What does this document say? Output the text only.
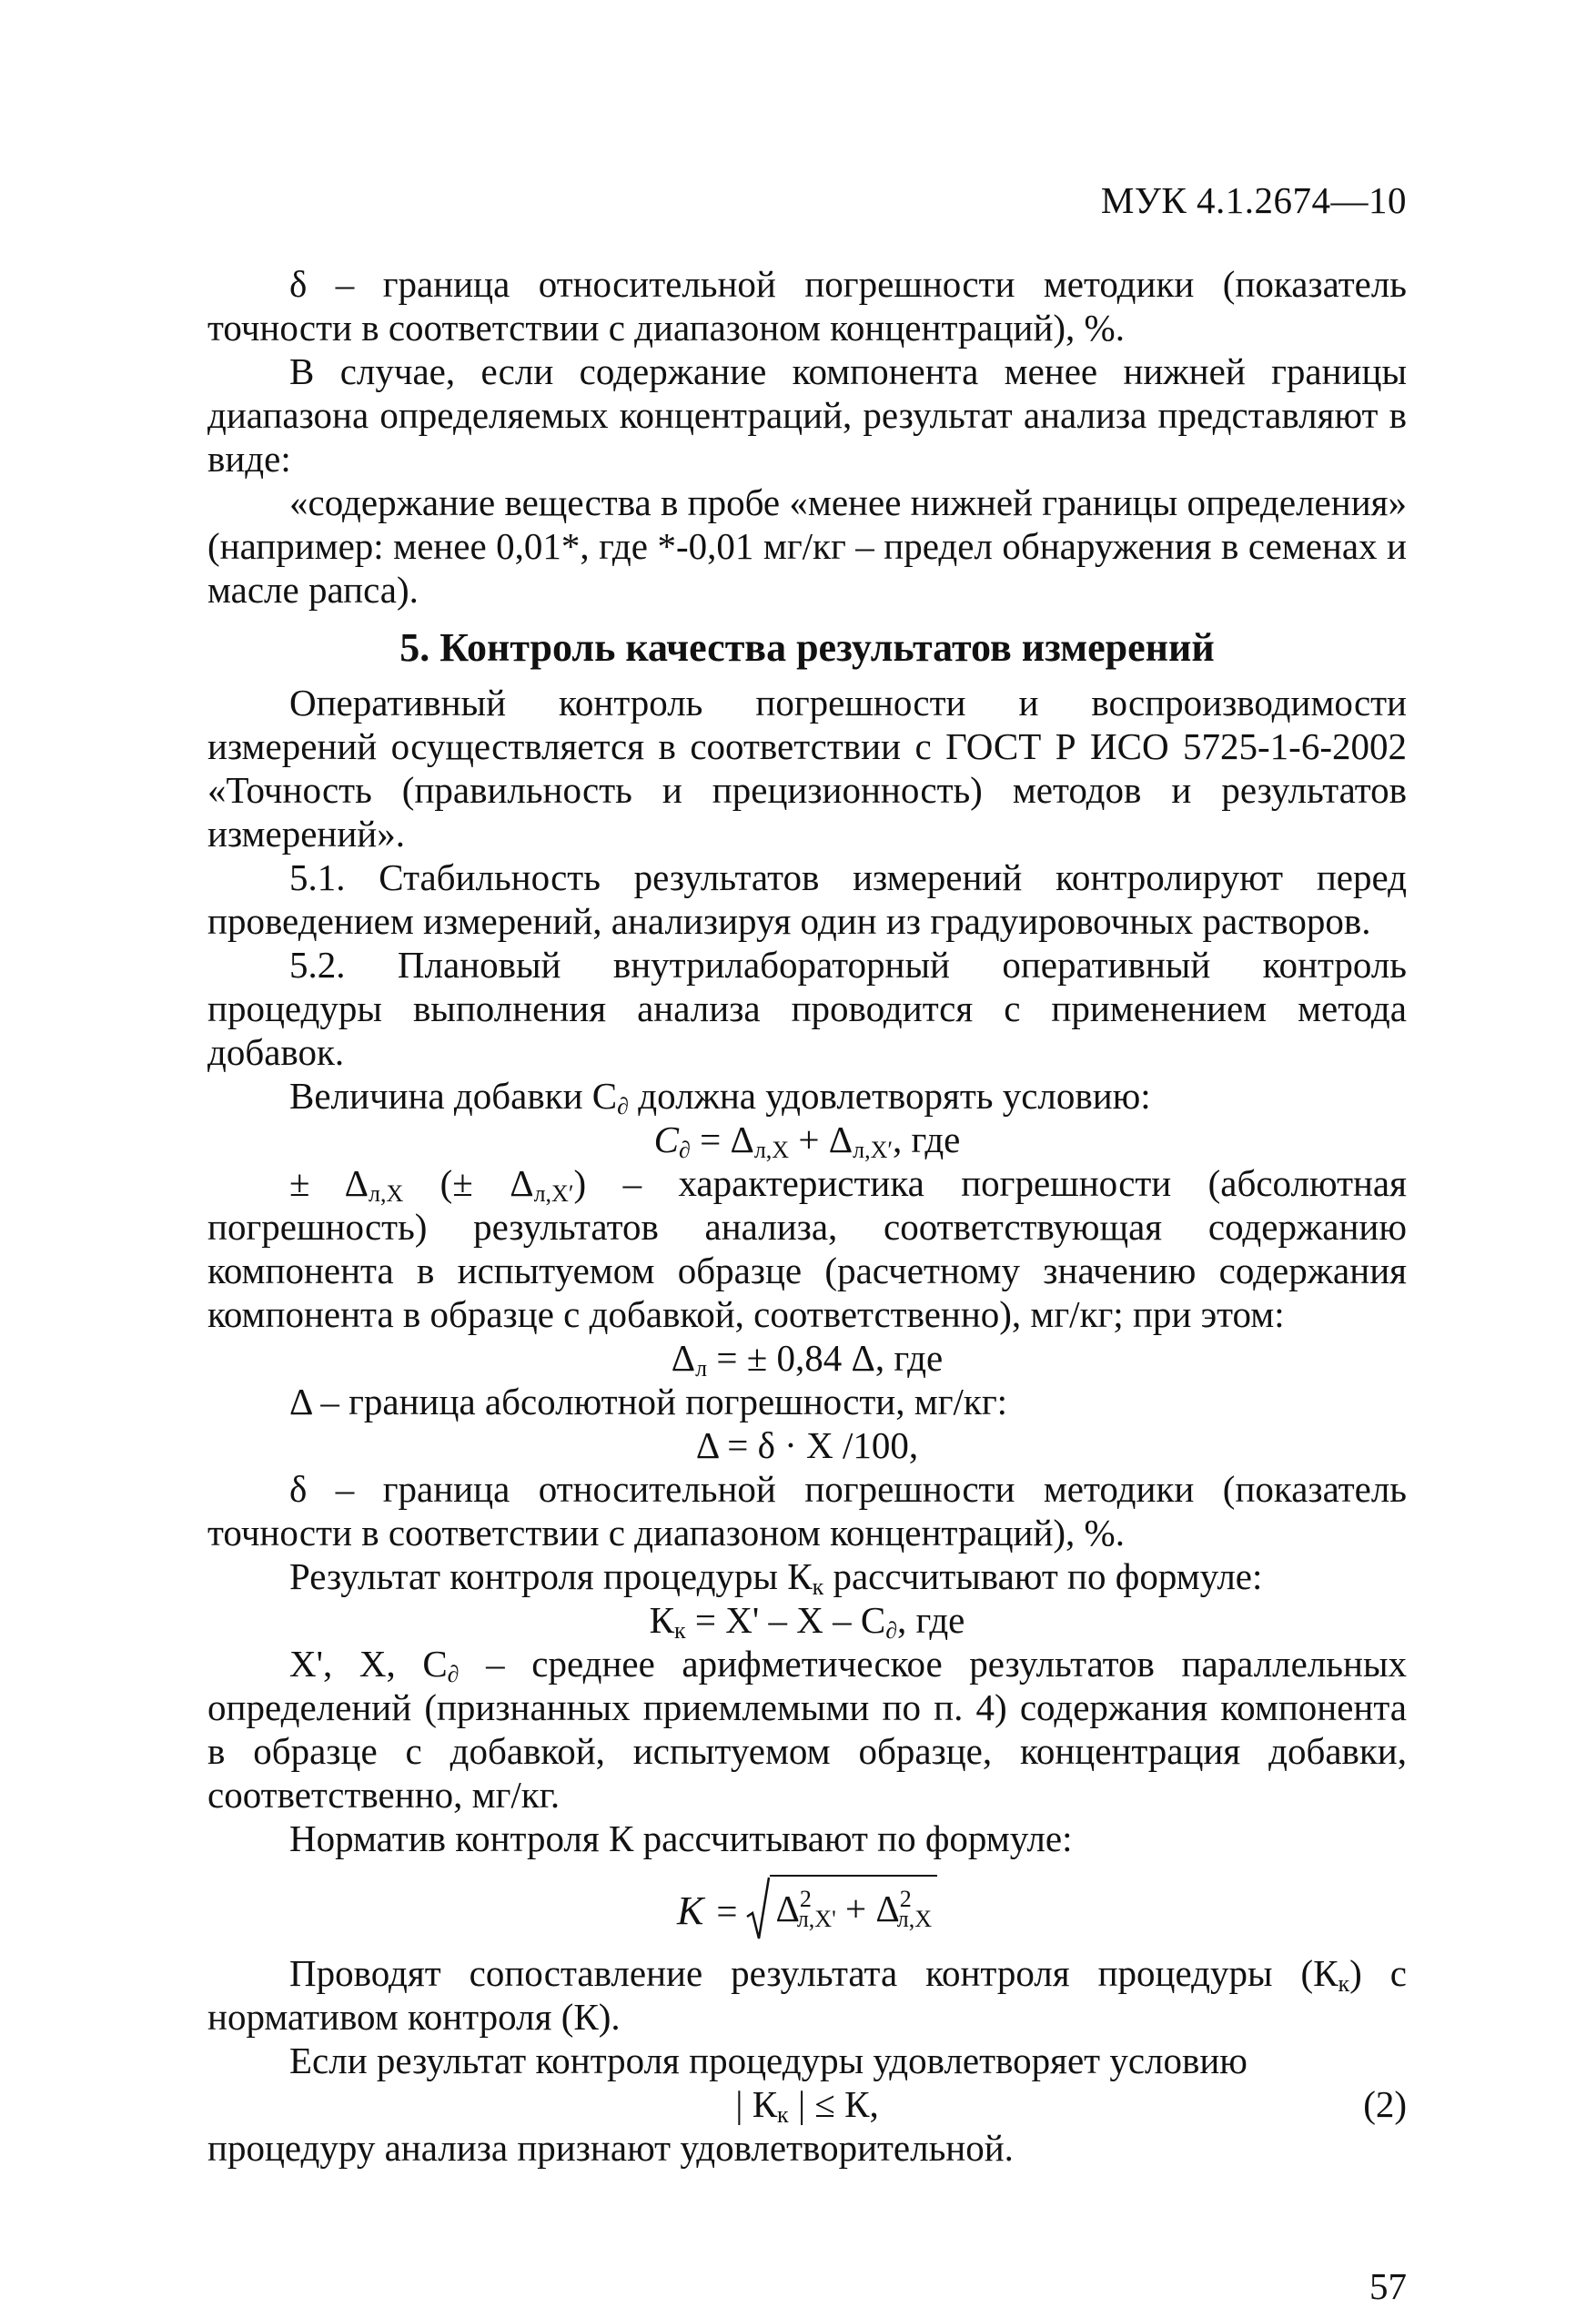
МУК 4.1.2674—10

δ – граница относительной погрешности методики (показатель точности в соответствии с диапазоном концентраций), %.

В случае, если содержание компонента менее нижней границы диапазона определяемых концентраций, результат анализа представляют в виде:

«содержание вещества в пробе «менее нижней границы определения» (например: менее 0,01*, где *-0,01 мг/кг – предел обнаружения в семенах и масле рапса).

5. Контроль качества результатов измерений

Оперативный контроль погрешности и воспроизводимости измерений осуществляется в соответствии с ГОСТ Р ИСО 5725-1-6-2002 «Точность (правильность и прецизионность) методов и результатов измерений».

5.1. Стабильность результатов измерений контролируют перед проведением измерений, анализируя один из градуировочных растворов.

5.2. Плановый внутрилабораторный оперативный контроль процедуры выполнения анализа проводится с применением метода добавок.

Величина добавки $С_\partial$ должна удовлетворять условию:

$C_\partial = \Delta_{л,X} + \Delta_{л,X'}$, где

± $\Delta_{л,X}$ (± $\Delta_{л,X'}$) – характеристика погрешности (абсолютная погрешность) результатов анализа, соответствующая содержанию компонента в испытуемом образце (расчетному значению содержания компонента в образце с добавкой, соответственно), мг/кг; при этом:

$\Delta_л$ = ± 0,84 Δ, где

Δ – граница абсолютной погрешности, мг/кг:

Δ = δ · X /100,

δ – граница относительной погрешности методики (показатель точности в соответствии с диапазоном концентраций), %.

Результат контроля процедуры $К_к$ рассчитывают по формуле:

$К_к = X' - X - C_\partial$, где

X', X, $C_\partial$ – среднее арифметическое результатов параллельных определений (признанных приемлемыми по п. 4) содержания компонента в образце с добавкой, испытуемом образце, концентрация добавки, соответственно, мг/кг.

Норматив контроля К рассчитывают по формуле:

$K = \Delta^2_{л,X'} + \Delta^2_{л,X}$

Проводят сопоставление результата контроля процедуры $(К_к)$ с нормативом контроля (К).

Если результат контроля процедуры удовлетворяет условию

| $К_к$ | ≤ К,	(2)

процедуру анализа признают удовлетворительной.

57
